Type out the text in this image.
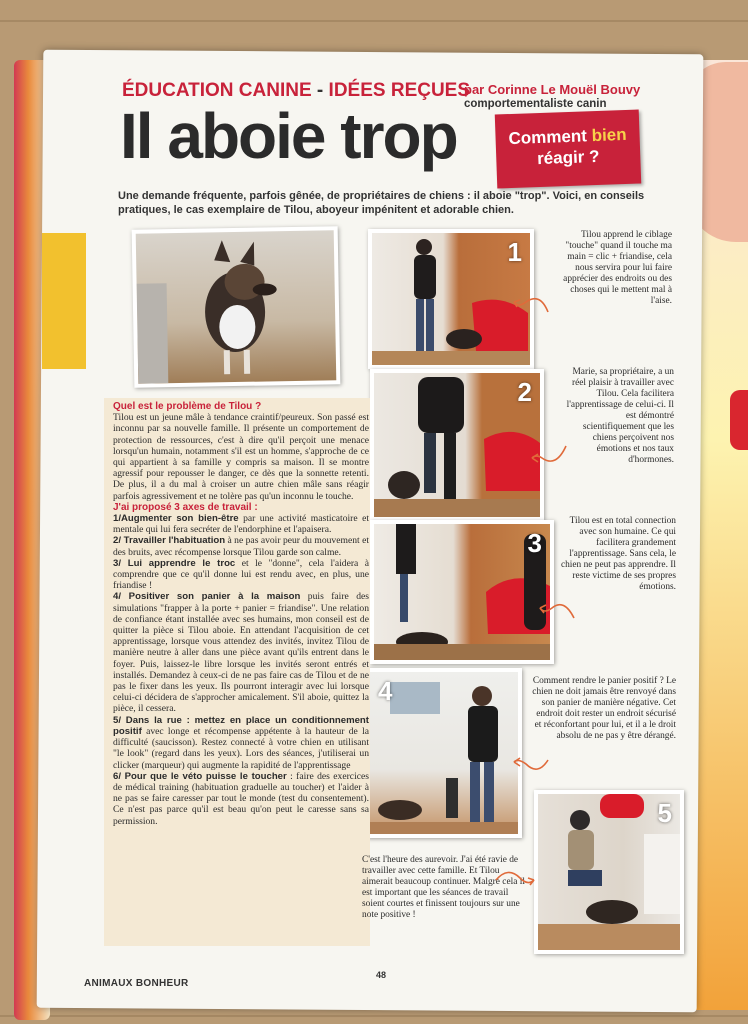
ÉDUCATION CANINE - IDÉES REÇUES
par Corinne Le Mouël Bouvy
comportementaliste canin
Il aboie trop	Comment bien
réagir ?
Une demande fréquente, parfois gênée, de propriétaires de chiens : il aboie "trop". Voici, en conseils pratiques, le cas exemplaire de Tilou, aboyeur impénitent et adorable chien.
1
2
3
4
5

Quel est le problème de Tilou ?

Tilou est un jeune mâle à tendance craintif/peureux. Son passé est inconnu par sa nouvelle famille. Il présente un comportement de protection de ressources, c'est à dire qu'il perçoit une menace lorsqu'un humain, notamment s'il est un homme, s'approche de ce qui appartient à sa famille y compris sa maison. Il se montre agressif pour repousser le danger, ce dès que la sonnette retenti. De plus, il a du mal à croiser un autre chien mâle sans réagir parfois agressivement et ne tolère pas qu'un inconnu le touche.

J'ai proposé 3 axes de travail :

1/Augmenter son bien-être par une activité masticatoire et mentale qui lui fera secréter de l'endorphine et l'apaisera.

2/ Travailler l'habituation à ne pas avoir peur du mouvement et des bruits, avec récompense lorsque Tilou garde son calme.

3/ Lui apprendre le troc et le "donne", cela l'aidera à comprendre que ce qu'il donne lui est rendu avec, en plus, une friandise !

4/ Positiver son panier à la maison puis faire des simulations "frapper à la porte + panier = friandise". Une relation de confiance étant installée avec ses humains, mon conseil est de quitter la pièce si Tilou aboie. En attendant l'acquisition de cet apprentissage, lorsque vous attendez des invités, invitez Tilou de manière neutre à aller dans une pièce avant qu'ils entrent dans le foyer. Puis, laissez-le libre lorsque les invités seront entrés et installés. Demandez à ceux-ci de ne pas faire cas de Tilou et de ne pas le fixer dans les yeux. Ils pourront interagir avec lui lorsque celui-ci décidera de s'approcher amicalement. S'il aboie, quittez la pièce, il cessera.

5/ Dans la rue : mettez en place un conditionnement positif avec longe et récompense appétente à la hauteur de la difficulté (saucisson). Restez connecté à votre chien en utilisant "le look" (regard dans les yeux). Lors des séances, j'utiliserai un clicker (marqueur) qui augmente la rapidité de l'apprentissage

6/ Pour que le véto puisse le toucher : faire des exercices de médical training (habituation graduelle au toucher) et l'aider à ne pas se faire caresser par tout le monde (test du consentement). Ce n'est pas parce qu'il est beau qu'on peut le caresse sans sa permission.

Tilou apprend le ciblage "touche" quand il touche ma main = clic + friandise, cela nous servira pour lui faire apprécier des endroits ou des choses qui le mettent mal à l'aise.
Marie, sa propriétaire, a un réel plaisir à travailler avec Tilou. Cela facilitera l'apprentissage de celui-ci. Il est démontré scientifiquement que les chiens perçoivent nos émotions et nos taux d'hormones.
Tilou est en total connection avec son humaine. Ce qui facilitera grandement l'apprentissage. Sans cela, le chien ne peut pas apprendre. Il reste victime de ses propres émotions.
Comment rendre le panier positif ? Le chien ne doit jamais être renvoyé dans son panier de manière négative. Cet endroit doit rester un endroit sécurisé et réconfortant pour lui, et il a le droit absolu de ne pas y être dérangé.
C'est l'heure des aurevoir. J'ai été ravie de travailler avec cette famille. Et Tilou aimerait beaucoup continuer. Malgré cela il est important que les séances de travail soient courtes et finissent toujours sur une note positive !
ANIMAUX BONHEUR
48
